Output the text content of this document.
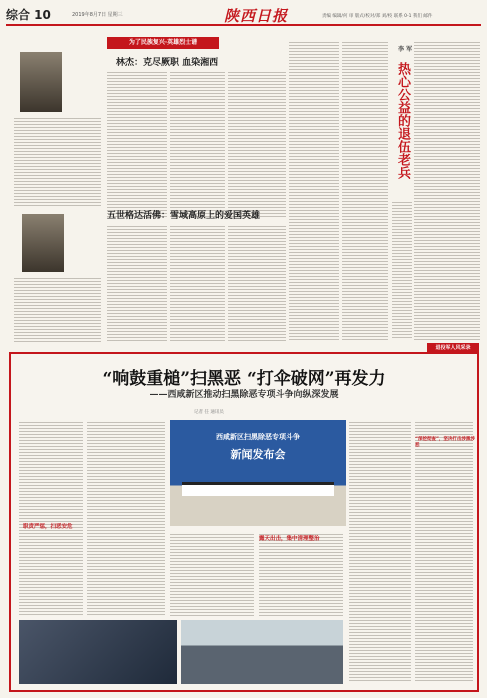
综合 10	2019年8月7日 星期三	陕西日报	责编 编辑/何 审 版式/校对/郑 刘/校 联系 0-1 我们 邮件
为了民族复兴·英雄烈士谱
林杰：克尽厥职 血染湘西
五世格达活佛：雪域高原上的爱国英雄
李 军
热心公益的退伍老兵
退役军人风采录
“响鼓重槌”扫黑恶 “打伞破网”再发力
——西咸新区推动扫黑除恶专项斗争向纵深发展
记者 任 通讯员
职责严惩，扫恶安危
西咸新区扫黑除恶专项斗争
新闻发布会
露天出击，集中清理整治
“深挖彻查”，坚决打击涉黑涉恶
